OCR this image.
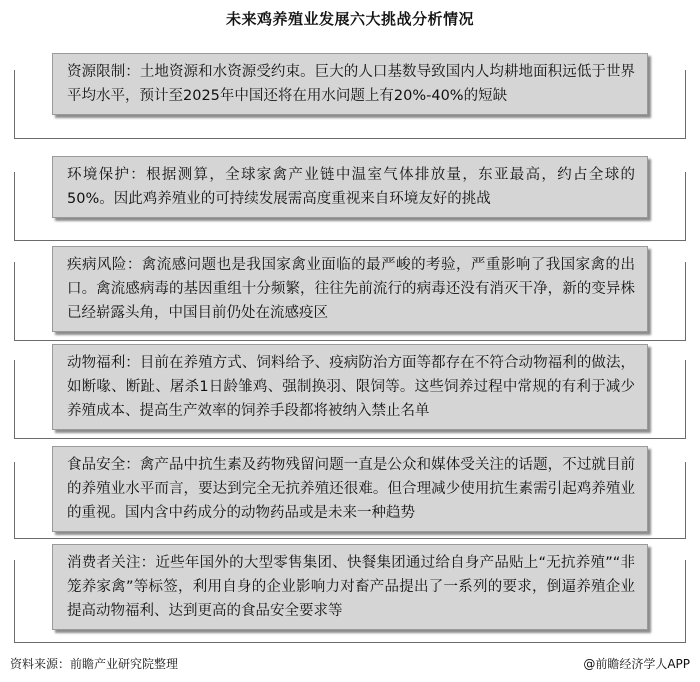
未来鸡养殖业发展六大挑战分析情况
资源限制：土地资源和水资源受约束。巨大的人口基数导致国内人均耕地面积远低于世界平均水平，预计至2025年中国还将在用水问题上有20%-40%的短缺
环境保护：根据测算，全球家禽产业链中温室气体排放量，东亚最高，约占全球的50%。因此鸡养殖业的可持续发展需高度重视来自环境友好的挑战
疾病风险：禽流感问题也是我国家禽业面临的最严峻的考验，严重影响了我国家禽的出口。禽流感病毒的基因重组十分频繁，往往先前流行的病毒还没有消灭干净，新的变异株已经崭露头角，中国目前仍处在流感疫区
动物福利：目前在养殖方式、饲料给予、疫病防治方面等都存在不符合动物福利的做法，如断喙、断趾、屠杀1日龄雏鸡、强制换羽、限饲等。这些饲养过程中常规的有利于减少养殖成本、提高生产效率的饲养手段都将被纳入禁止名单
食品安全：禽产品中抗生素及药物残留问题一直是公众和媒体受关注的话题，不过就目前的养殖业水平而言，要达到完全无抗养殖还很难。但合理减少使用抗生素需引起鸡养殖业的重视。国内含中药成分的动物药品或是未来一种趋势
消费者关注：近些年国外的大型零售集团、快餐集团通过给自身产品贴上“无抗养殖”“非笼养家禽”等标签，利用自身的企业影响力对畜产品提出了一系列的要求，倒逼养殖企业提高动物福利、达到更高的食品安全要求等
资料来源：前瞻产业研究院整理	@前瞻经济学人APP
